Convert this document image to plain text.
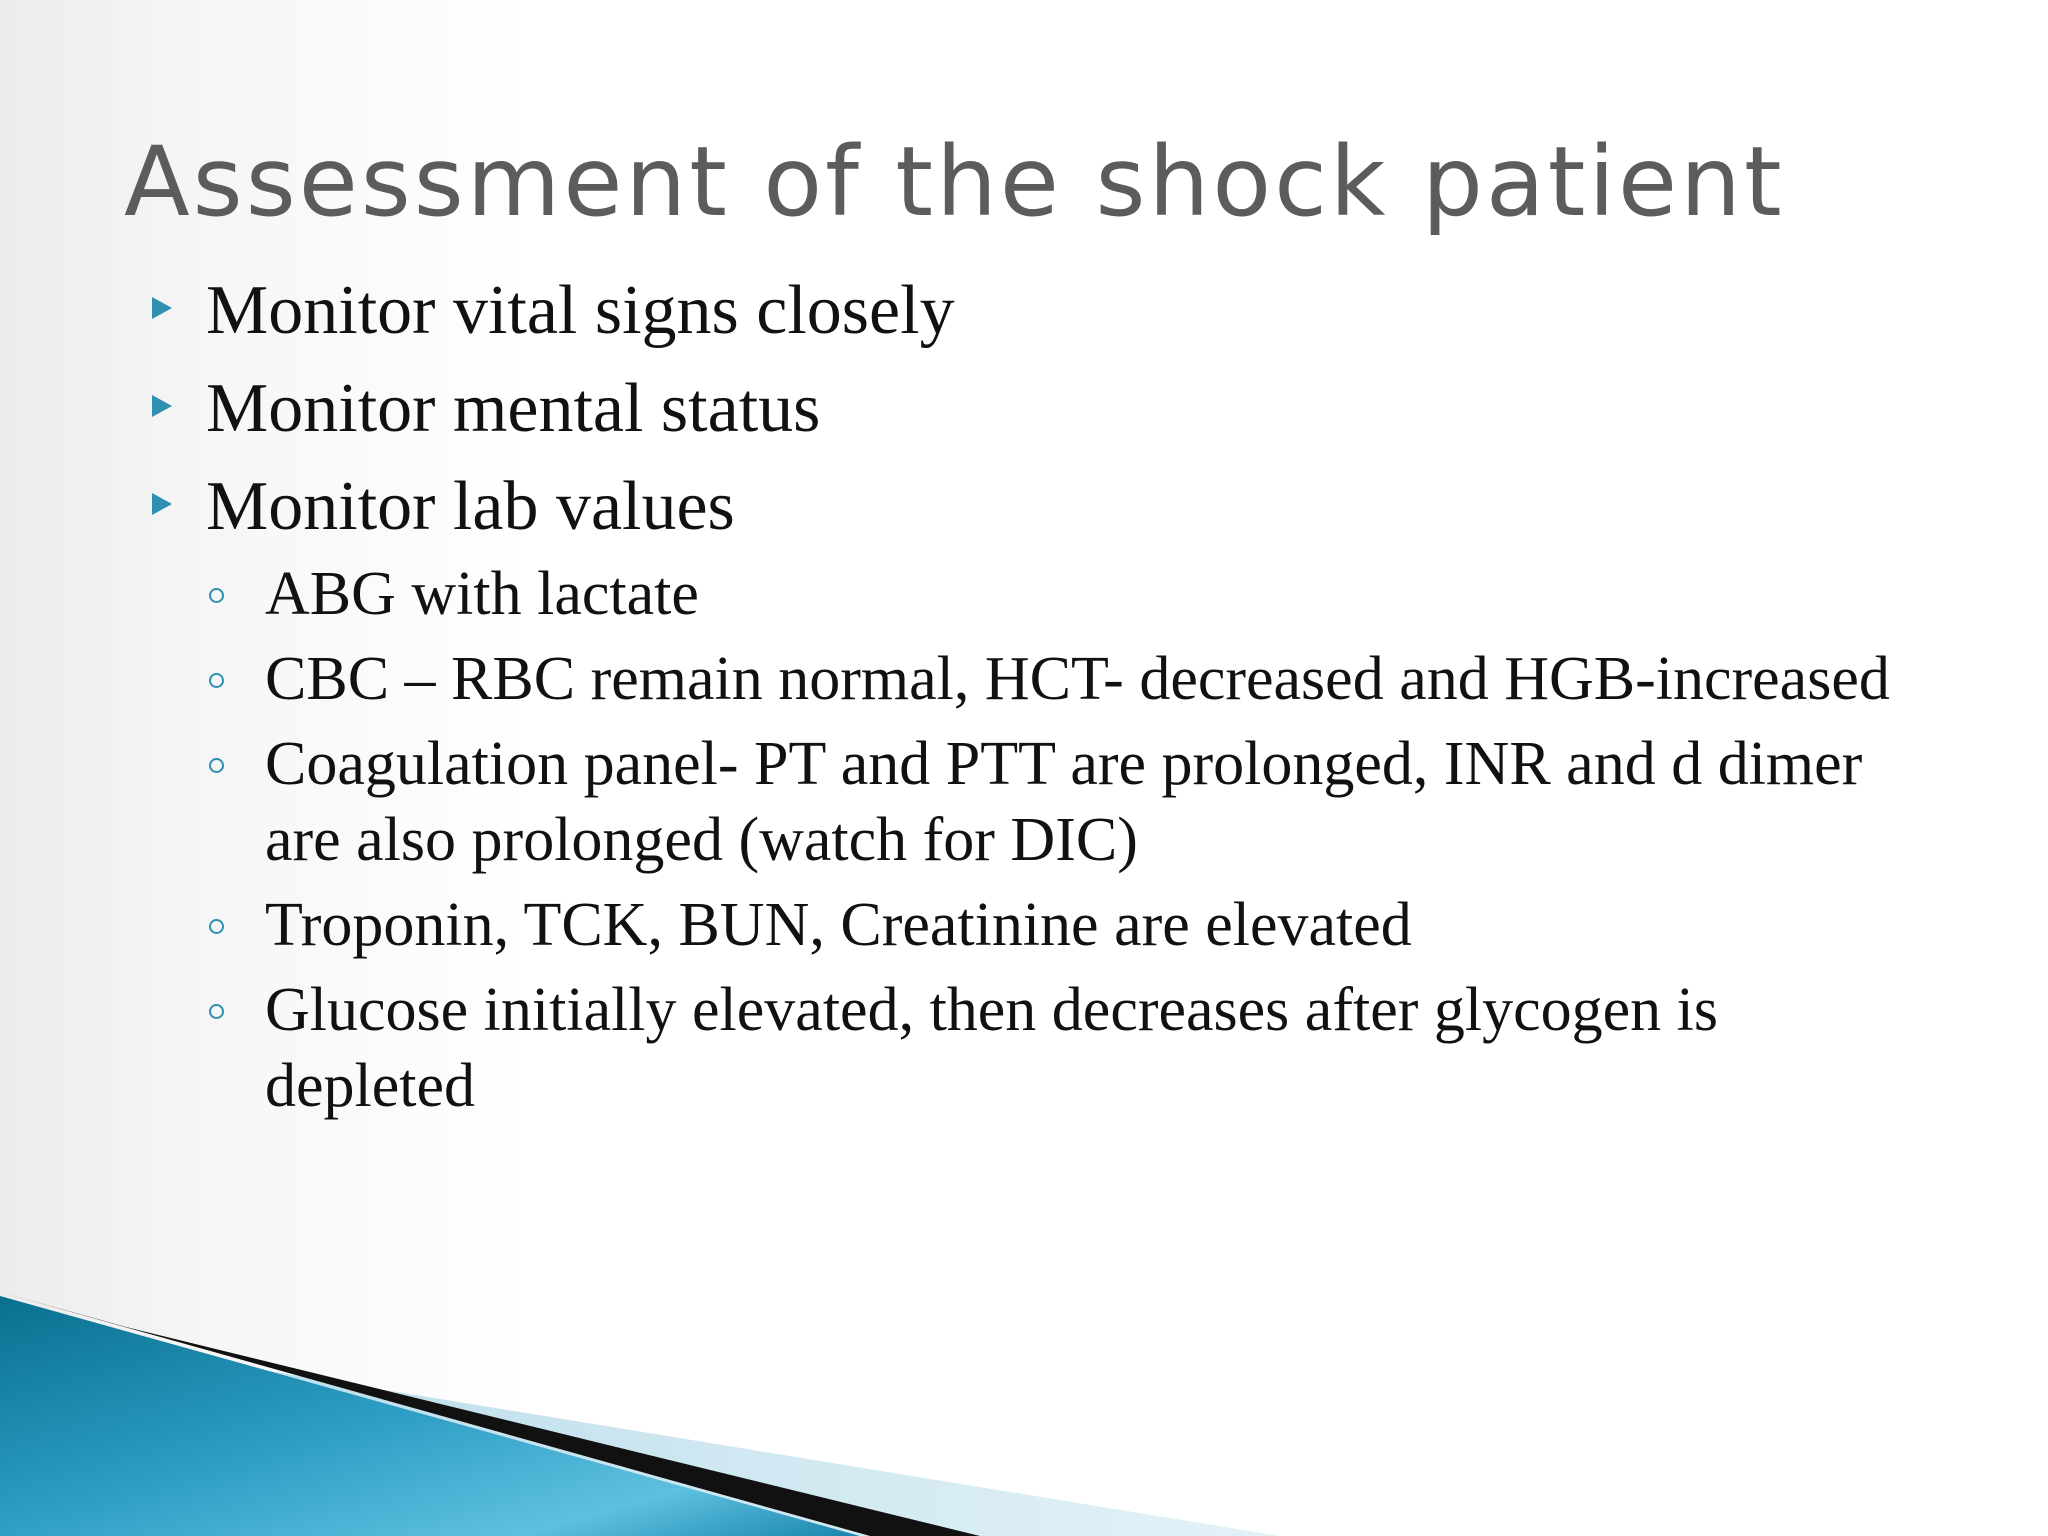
Assessment of the shock patient
Monitor vital signs closely
Monitor mental status
Monitor lab values
ABG with lactate
CBC – RBC remain normal, HCT- decreased and HGB-increased
Coagulation panel- PT and PTT are prolonged, INR and d dimer are also prolonged (watch for DIC)
Troponin, TCK, BUN, Creatinine are elevated
Glucose initially elevated, then decreases after glycogen is depleted
